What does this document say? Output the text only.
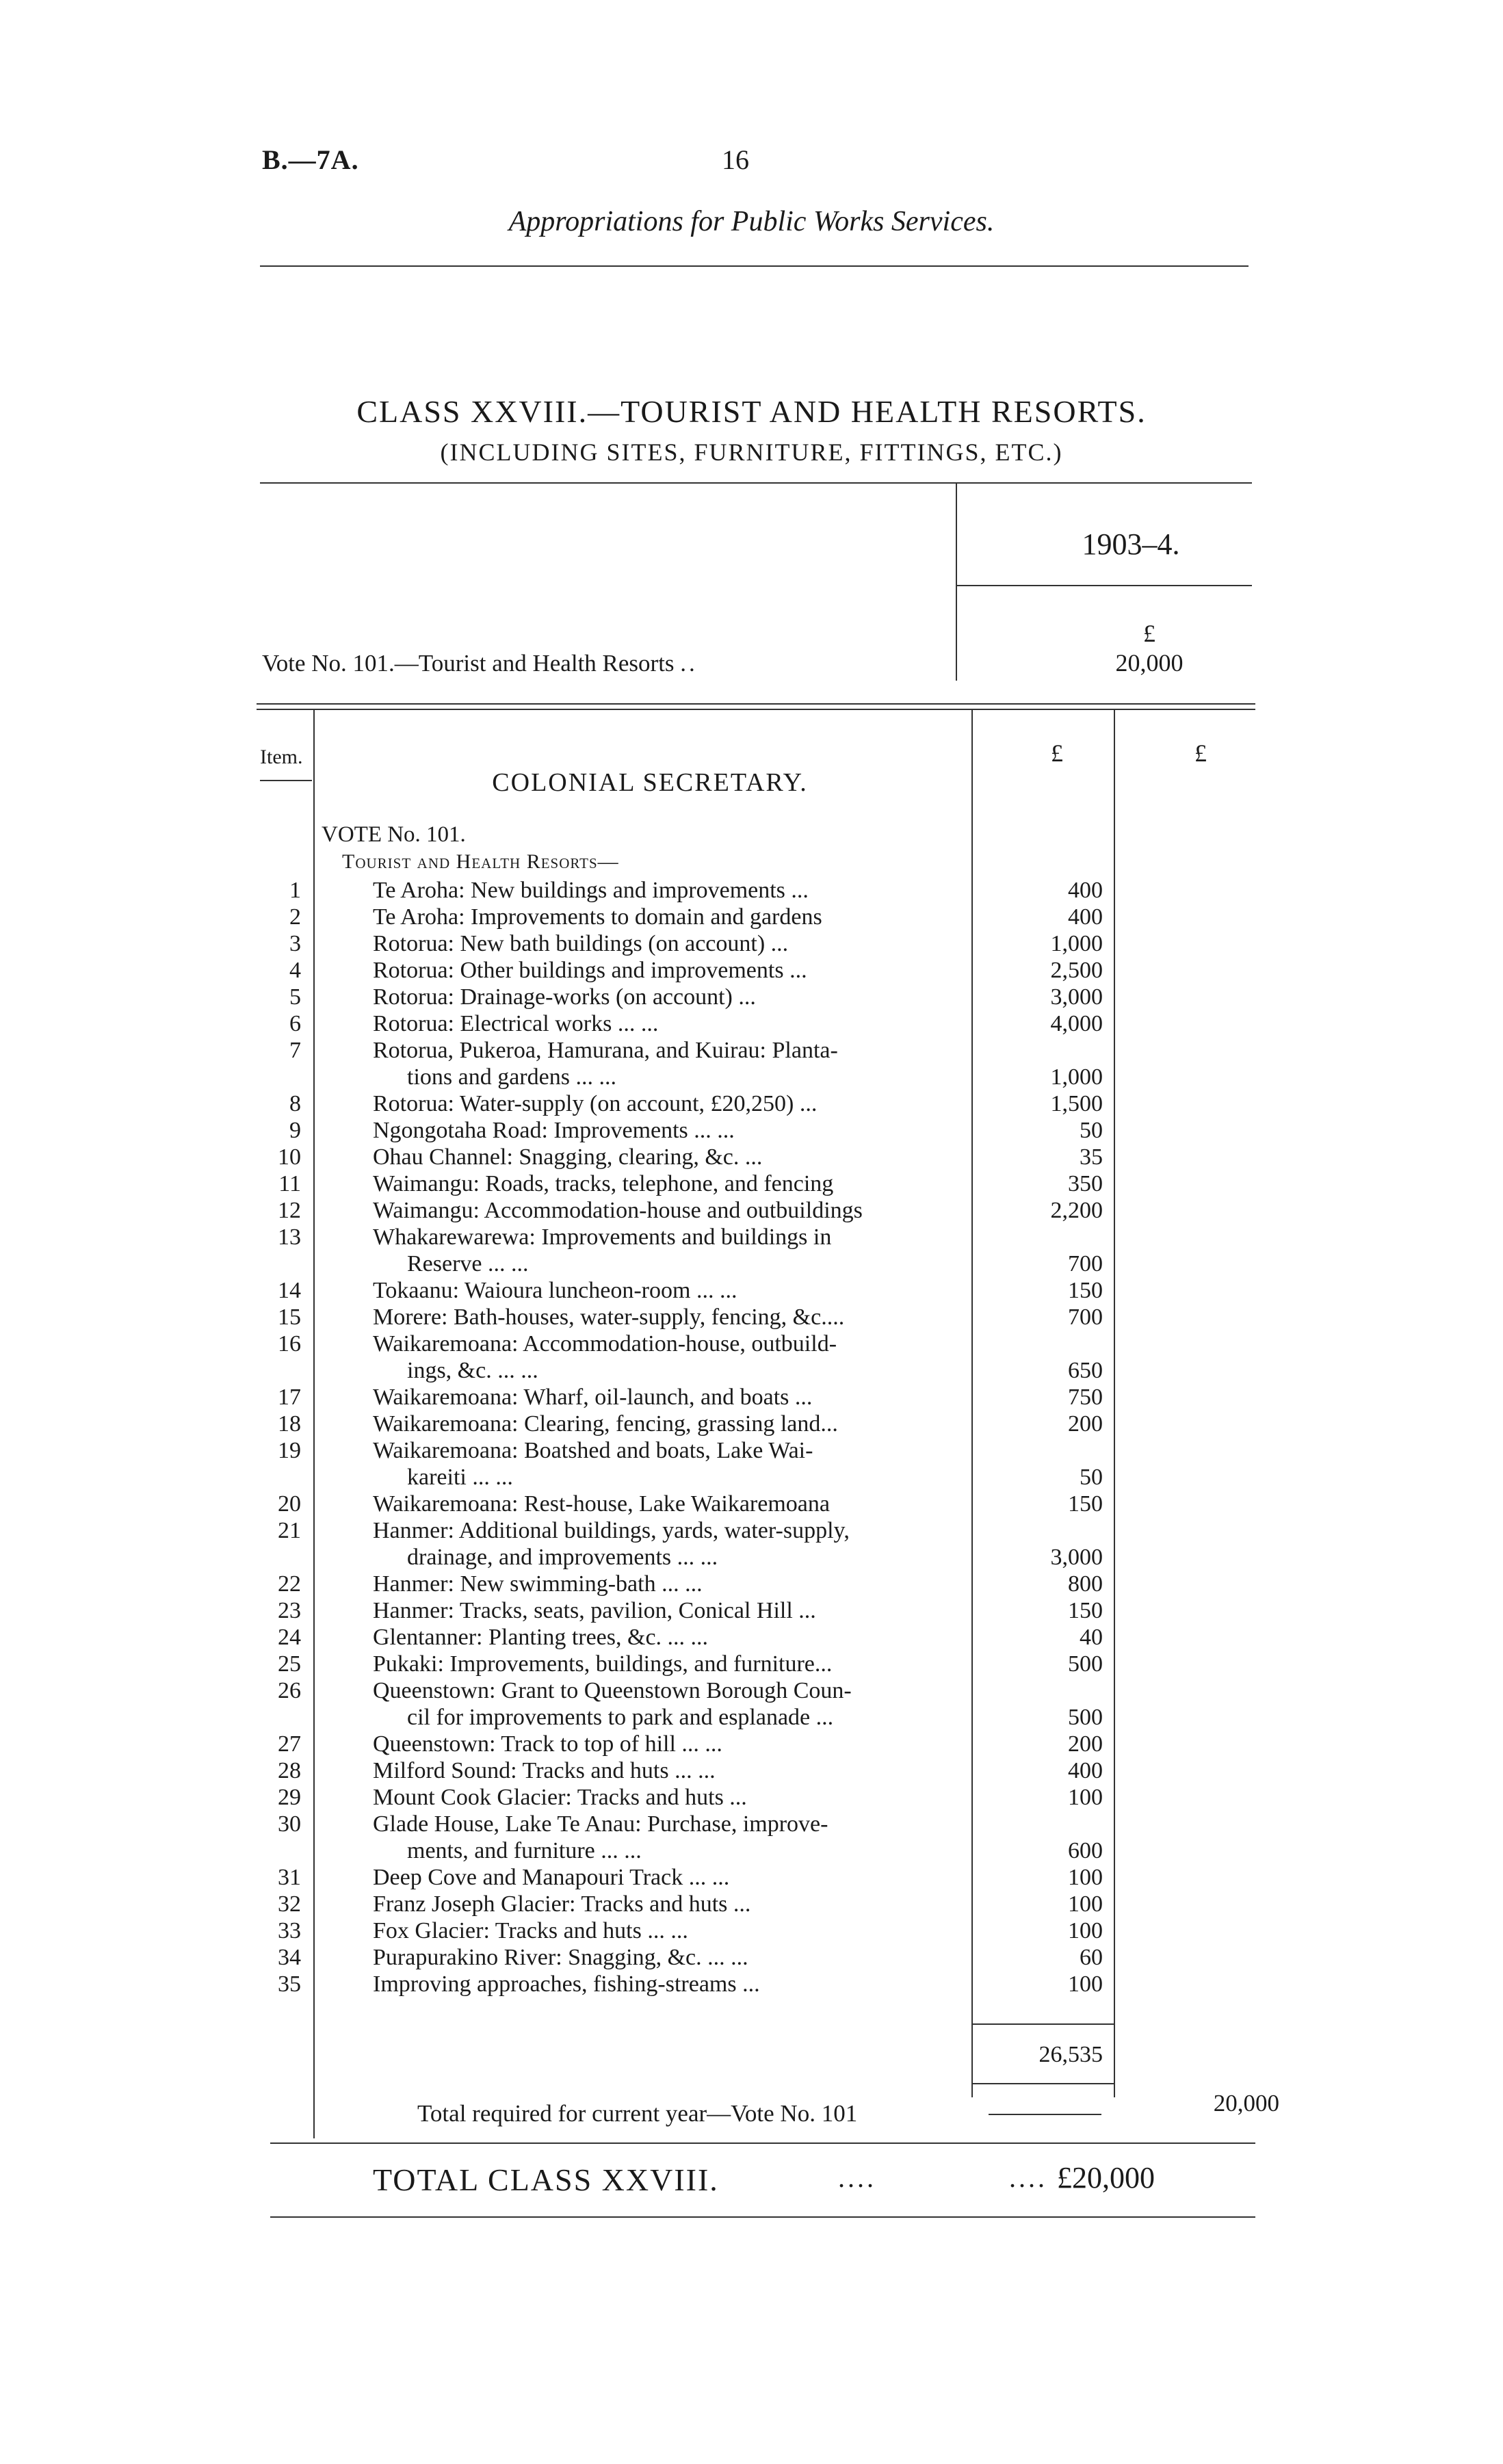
B.—7A.	16
Appropriations for Public Works Services.
CLASS XXVIII.—TOURIST AND HEALTH RESORTS.
(INCLUDING SITES, FURNITURE, FITTINGS, ETC.)
1903–4.
£
Vote No. 101.—Tourist and Health Resorts ..	20,000
Item.	£	£
COLONIAL SECRETARY.
VOTE No. 101.
Tourist and Health Resorts—
1	Te Aroha: New buildings and improvements ...	400
2	Te Aroha: Improvements to domain and gardens	400
3	Rotorua: New bath buildings (on account) ...	1,000
4	Rotorua: Other buildings and improvements ...	2,500
5	Rotorua: Drainage-works (on account) ...	3,000
6	Rotorua: Electrical works ... ...	4,000
7	Rotorua, Pukeroa, Hamurana, and Kuirau: Planta-
tions and gardens ... ...	1,000
8	Rotorua: Water-supply (on account, £20,250) ...	1,500
9	Ngongotaha Road: Improvements ... ...	50
10	Ohau Channel: Snagging, clearing, &c. ...	35
11	Waimangu: Roads, tracks, telephone, and fencing	350
12	Waimangu: Accommodation-house and outbuildings	2,200
13	Whakarewarewa: Improvements and buildings in
Reserve ... ...	700
14	Tokaanu: Waioura luncheon-room ... ...	150
15	Morere: Bath-houses, water-supply, fencing, &c....	700
16	Waikaremoana: Accommodation-house, outbuild-
ings, &c. ... ...	650
17	Waikaremoana: Wharf, oil-launch, and boats ...	750
18	Waikaremoana: Clearing, fencing, grassing land...	200
19	Waikaremoana: Boatshed and boats, Lake Wai-
kareiti ... ...	50
20	Waikaremoana: Rest-house, Lake Waikaremoana	150
21	Hanmer: Additional buildings, yards, water-supply,
drainage, and improvements ... ...	3,000
22	Hanmer: New swimming-bath ... ...	800
23	Hanmer: Tracks, seats, pavilion, Conical Hill ...	150
24	Glentanner: Planting trees, &c. ... ...	40
25	Pukaki: Improvements, buildings, and furniture...	500
26	Queenstown: Grant to Queenstown Borough Coun-
cil for improvements to park and esplanade ...	500
27	Queenstown: Track to top of hill ... ...	200
28	Milford Sound: Tracks and huts ... ...	400
29	Mount Cook Glacier: Tracks and huts ...	100
30	Glade House, Lake Te Anau: Purchase, improve-
ments, and furniture ... ...	600
31	Deep Cove and Manapouri Track ... ...	100
32	Franz Joseph Glacier: Tracks and huts ...	100
33	Fox Glacier: Tracks and huts ... ...	100
34	Purapurakino River: Snagging, &c. ... ...	60
35	Improving approaches, fishing-streams ...	100
26,535
Total required for current year—Vote No. 101	20,000
TOTAL CLASS XXVIII.	....	.... £20,000
